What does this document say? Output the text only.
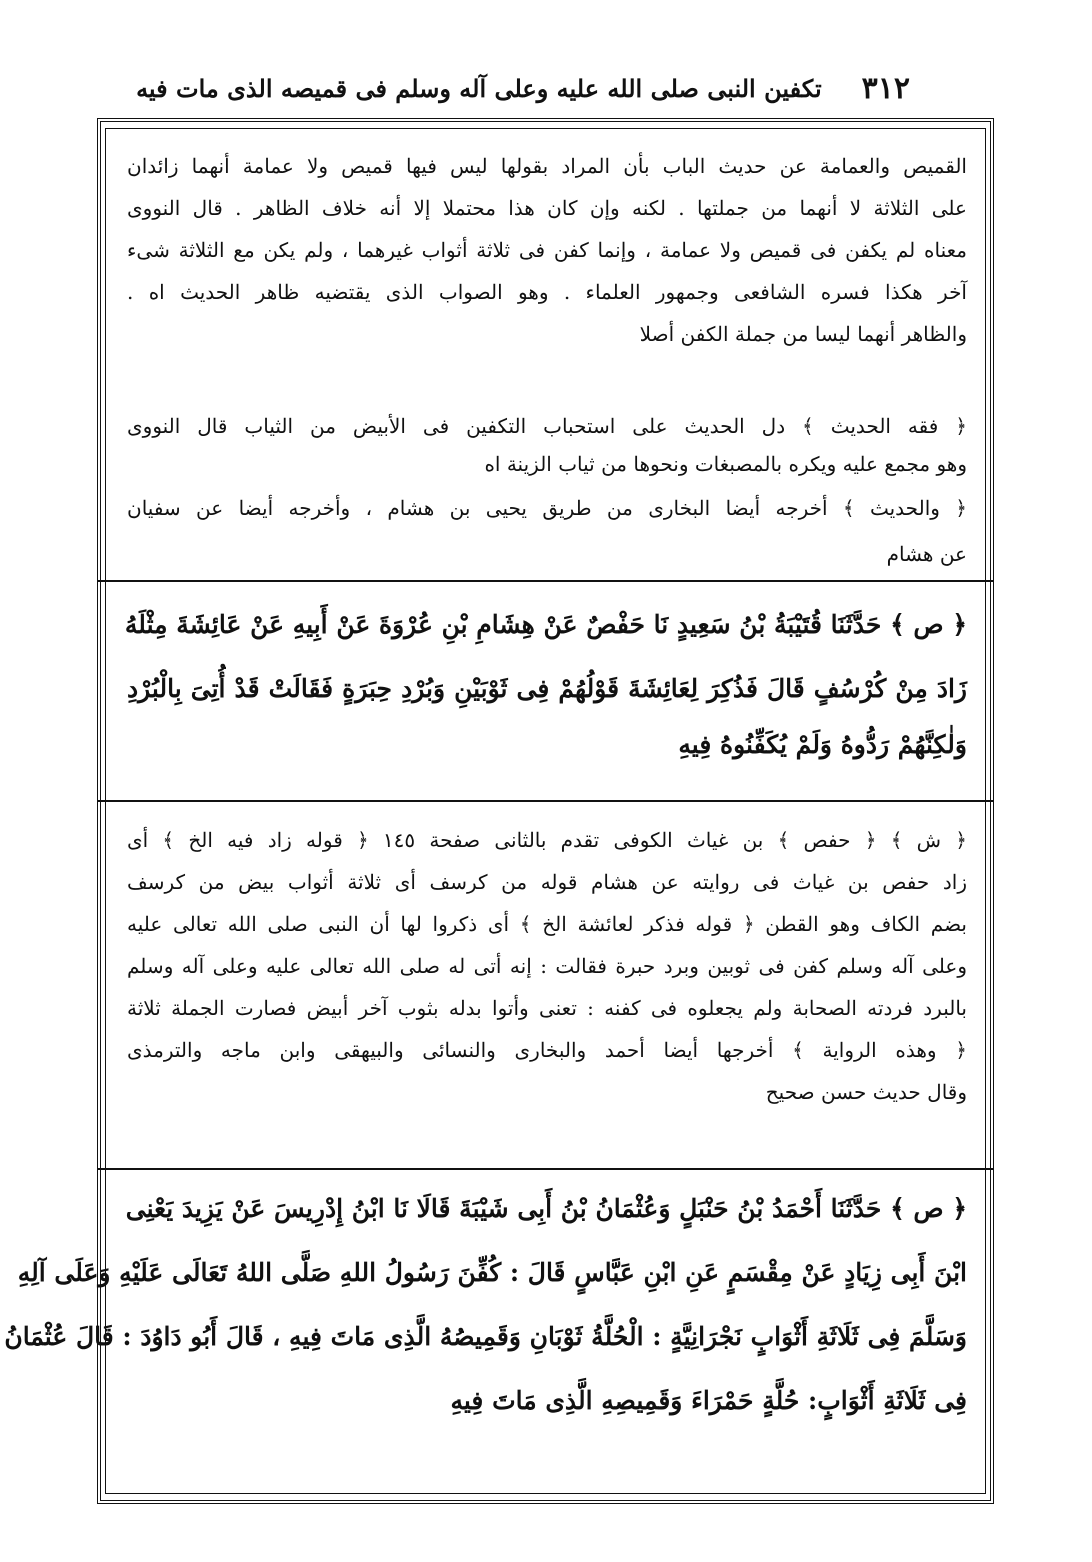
٣١٢
تكفين النبى صلى الله عليه وعلى آله وسلم فى قميصه الذى مات فيه
القميص والعمامة عن حديث الباب بأن المراد بقولها ليس فيها قميص ولا عمامة أنهما زائدان
على الثلاثة لا أنهما من جملتها . لكنه وإن كان هذا محتملا إلا أنه خلاف الظاهر . قال النووى
معناه لم يكفن فى قميص ولا عمامة ، وإنما كفن فى ثلاثة أثواب غيرهما ، ولم يكن مع الثلاثة شىء
آخر هكذا فسره الشافعى وجمهور العلماء . وهو الصواب الذى يقتضيه ظاهر الحديث اه .
والظاهر أنهما ليسا من جملة الكفن أصلا
﴿ فقه الحديث ﴾ دل الحديث على استحباب التكفين فى الأبيض من الثياب قال النووى
وهو مجمع عليه ويكره بالمصبغات ونحوها من ثياب الزينة اه
﴿ والحديث ﴾ أخرجه أيضا البخارى من طريق يحيى بن هشام ، وأخرجه أيضا عن سفيان
عن هشام
﴿ ص ﴾ حَدَّثَنَا قُتَيْبَةُ بْنُ سَعِيدٍ نَا حَفْصٌ عَنْ هِشَامِ بْنِ عُرْوَةَ عَنْ أَبِيهِ عَنْ عَائِشَةَ مِثْلَهُ
زَادَ مِنْ كُرْسُفٍ قَالَ فَذُكِرَ لِعَائِشَةَ قَوْلُهُمْ فِى ثَوْبَيْنِ وَبُرْدِ حِبَرَةٍ فَقَالَتْ قَدْ أُتِىَ بِالْبُرْدِ
وَلٰكِنَّهُمْ رَدُّوهُ وَلَمْ يُكَفِّنُوهُ فِيهِ
﴿ ش ﴾ ﴿ حفص ﴾ بن غياث الكوفى تقدم بالثانى صفحة ١٤٥ ﴿ قوله زاد فيه الخ ﴾ أى
زاد حفص بن غياث فى روايته عن هشام قوله من كرسف أى ثلاثة أثواب بيض من كرسف
بضم الكاف وهو القطن ﴿ قوله فذكر لعائشة الخ ﴾ أى ذكروا لها أن النبى صلى الله تعالى عليه
وعلى آله وسلم كفن فى ثوبين وبرد حبرة فقالت : إنه أتى له صلى الله تعالى عليه وعلى آله وسلم
بالبرد فردته الصحابة ولم يجعلوه فى كفنه : تعنى وأتوا بدله بثوب آخر أبيض فصارت الجملة ثلاثة
﴿ وهذه الرواية ﴾ أخرجها أيضا أحمد والبخارى والنسائى والبيهقى وابن ماجه والترمذى
وقال حديث حسن صحيح
﴿ ص ﴾ حَدَّثَنَا أَحْمَدُ بْنُ حَنْبَلٍ وَعُثْمَانُ بْنُ أَبِى شَيْبَةَ قَالَا نَا ابْنُ إِدْرِيسَ عَنْ يَزِيدَ يَعْنِى
ابْنَ أَبِى زِيَادٍ عَنْ مِقْسَمٍ عَنِ ابْنِ عَبَّاسٍ قَالَ : كُفِّنَ رَسُولُ اللهِ صَلَّى اللهُ تَعَالَى عَلَيْهِ وَعَلَى آلِهِ
وَسَلَّمَ فِى ثَلَاثَةِ أَثْوَابٍ نَجْرَانِيَّةٍ : الْحُلَّةُ ثَوْبَانِ وَقَمِيصُهُ الَّذِى مَاتَ فِيهِ ، قَالَ أَبُو دَاوُدَ : قَالَ عُثْمَانُ
فِى ثَلَاثَةِ أَثْوَابٍ: حُلَّةٍ حَمْرَاءَ وَقَمِيصِهِ الَّذِى مَاتَ فِيهِ
